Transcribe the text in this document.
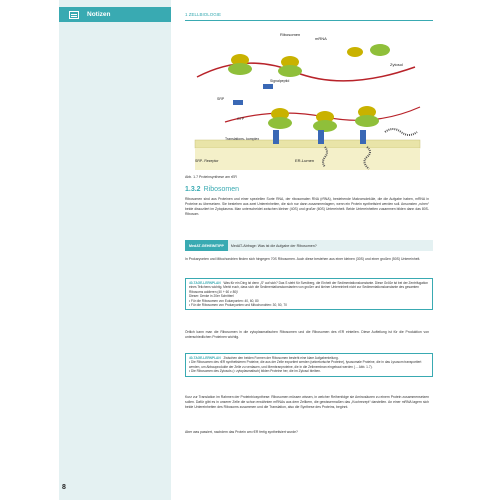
Notizen
8
1 ZELLBIOLOGIE
Ribosomen
mRNA
Signalpeptid
SRP
GTP
Translations- komplex
SRP- Rezeptor	ER-Lumen
Zytosol
Abb. 1.7 Proteinsynthese am rER
1.3.2 Ribosomen
Ribosomen sind aus Proteinen und einer speziellen Sorte RNA, der ribosomalen RNA (rRNA), bestehende Makromoleküle, die die Aufgabe haben, mRNA in Proteine zu übersetzen. Sie bestehen aus zwei Untereinheiten, die sich nur dann zusammenlagern, wenn ein Protein synthetisiert werden soll. Ansonsten „ruhen“ beide dissoziiert im Zytoplasma. Man unterscheidet zwischen kleiner (40S) und großer (60S) Untereinheit. Beide Untereinheiten zusammen bilden dann das 80S-Ribosom.
MedAT-GEHEIMTIPP	MedAT-Abfrage: Was ist die Aufgabe der Ribosomen?
In Prokaryonten und Mitochondrien finden sich hingegen 70S Ribosomen. Auch diese bestehen aus einer kleinen (30S) und einer großen (50S) Untereinheit.
40-TAGE-LERNPLAN Was für ein Ding ist denn „S“ auf sich? Das S steht für Svedberg, die Einheit der Sedimentationskonstante. Diese Größe ist bei der Zentrifugation eines Teilchens wichtig. Merkt euch, dass sich die Sedimentationskonstanten von großer und kleiner Untereinheit nicht zur Sedimentationskonstante des gesamten Ribosoms addieren (40 + 60 ≠ 80)!
Dieser: Denke in 20er Schritten!
• Für die Ribosomen von Eukaryonten: 40, 60, 80
• Für die Ribosomen von Prokaryonten und Mitochondrien: 30, 50, 70
Örtlich kann man die Ribosomen in die zytoplasmatischen Ribosomen und die Ribosomen des rER einteilen. Diese Aufteilung ist für die Produktion von unterschiedlichen Proteinen wichtig.
40-TAGE-LERNPLAN Zwischen den beiden Formen der Ribosomen besteht eine klare Aufgabenteilung.
• Die Ribosomen des rER synthetisieren Proteine, die aus der Zelle exportiert werden (sekretorische Proteine), lysosomale Proteine, die in das Lysosom transportiert werden, um Abbauprodukte der Zelle zu verdauen, und Membranproteine, die in die Zellmembran eingebaut werden (→ Abb. 1.7).
• Die Ribosomen des Zytosols (= zytoplasmatisch) bilden Proteine her, die im Zytosol bleiben.
Kurz zur Translation im Rahmen der Proteinbiosynthese: Ribosomen müssen wissen, in welcher Reihenfolge sie Aminosäuren zu einem Protein zusammensetzen sollen. Dafür gibt es in unserer Zelle die schon erwähnten mRNAs aus dem Zellkern, die gewissermaßen das „Kochrezept“ darstellen. An einer mRNA lagern sich beide Untereinheiten des Ribosoms zusammen und die Translation, also die Synthese des Proteins, beginnt.
Aber was passiert, nachdem das Protein am rER fertig synthetisiert wurde?
